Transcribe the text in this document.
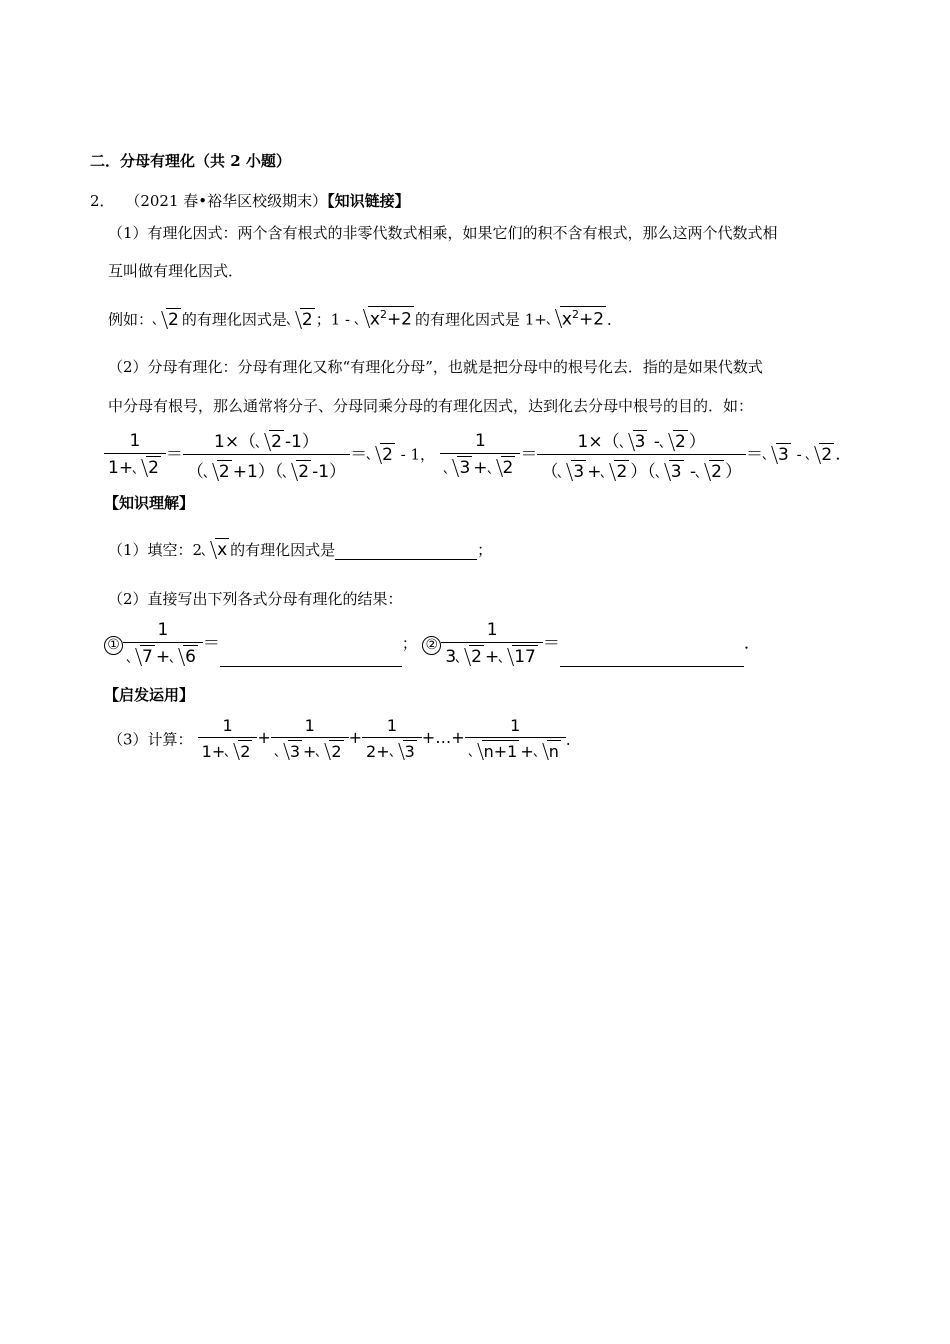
二．分母有理化（共 2 小题）
2． （2021 春•裕华区校级期末）【知识链接】
（1）有理化因式：两个含有根式的非零代数式相乘，如果它们的积不含有根式，那么这两个代数式相
互叫做有理化因式．
例如： 2 的有理化因式是 2 ；$1 - x^2+2$ 的有理化因式是 $1+ x^2+2$ ．
（2）分母有理化：分母有理化又称“有理化分母”，也就是把分母中的根号化去．指的是如果代数式
中分母有根号，那么通常将分子、分母同乘分母的有理化因式，达到化去分母中根号的目的．如：
$\frac{1}{1+ 2} = \frac{1\times( 2 -1)}{( 2 +1)( 2 -1)} = 2 - 1$， $\frac{1}{3 + 2} = \frac{1\times( 3 - 2 )}{( 3 + 2 )( 3 - 2 )} = 3 - 2$ ．
【知识理解】
（1）填空：2 x 的有理化因式是	；
（2）直接写出下列各式分母有理化的结果：
① $\frac{1}{7 + 6}$ ＝	； ② $\frac{1}{3 2 + 17}$ ＝	．
【启发运用】
（3）计算： $\frac{1}{1+ 2} + \frac{1}{3 + 2} + \frac{1}{2+ 3}$ +…+ $\frac{1}{n+1 + n}$ ．
